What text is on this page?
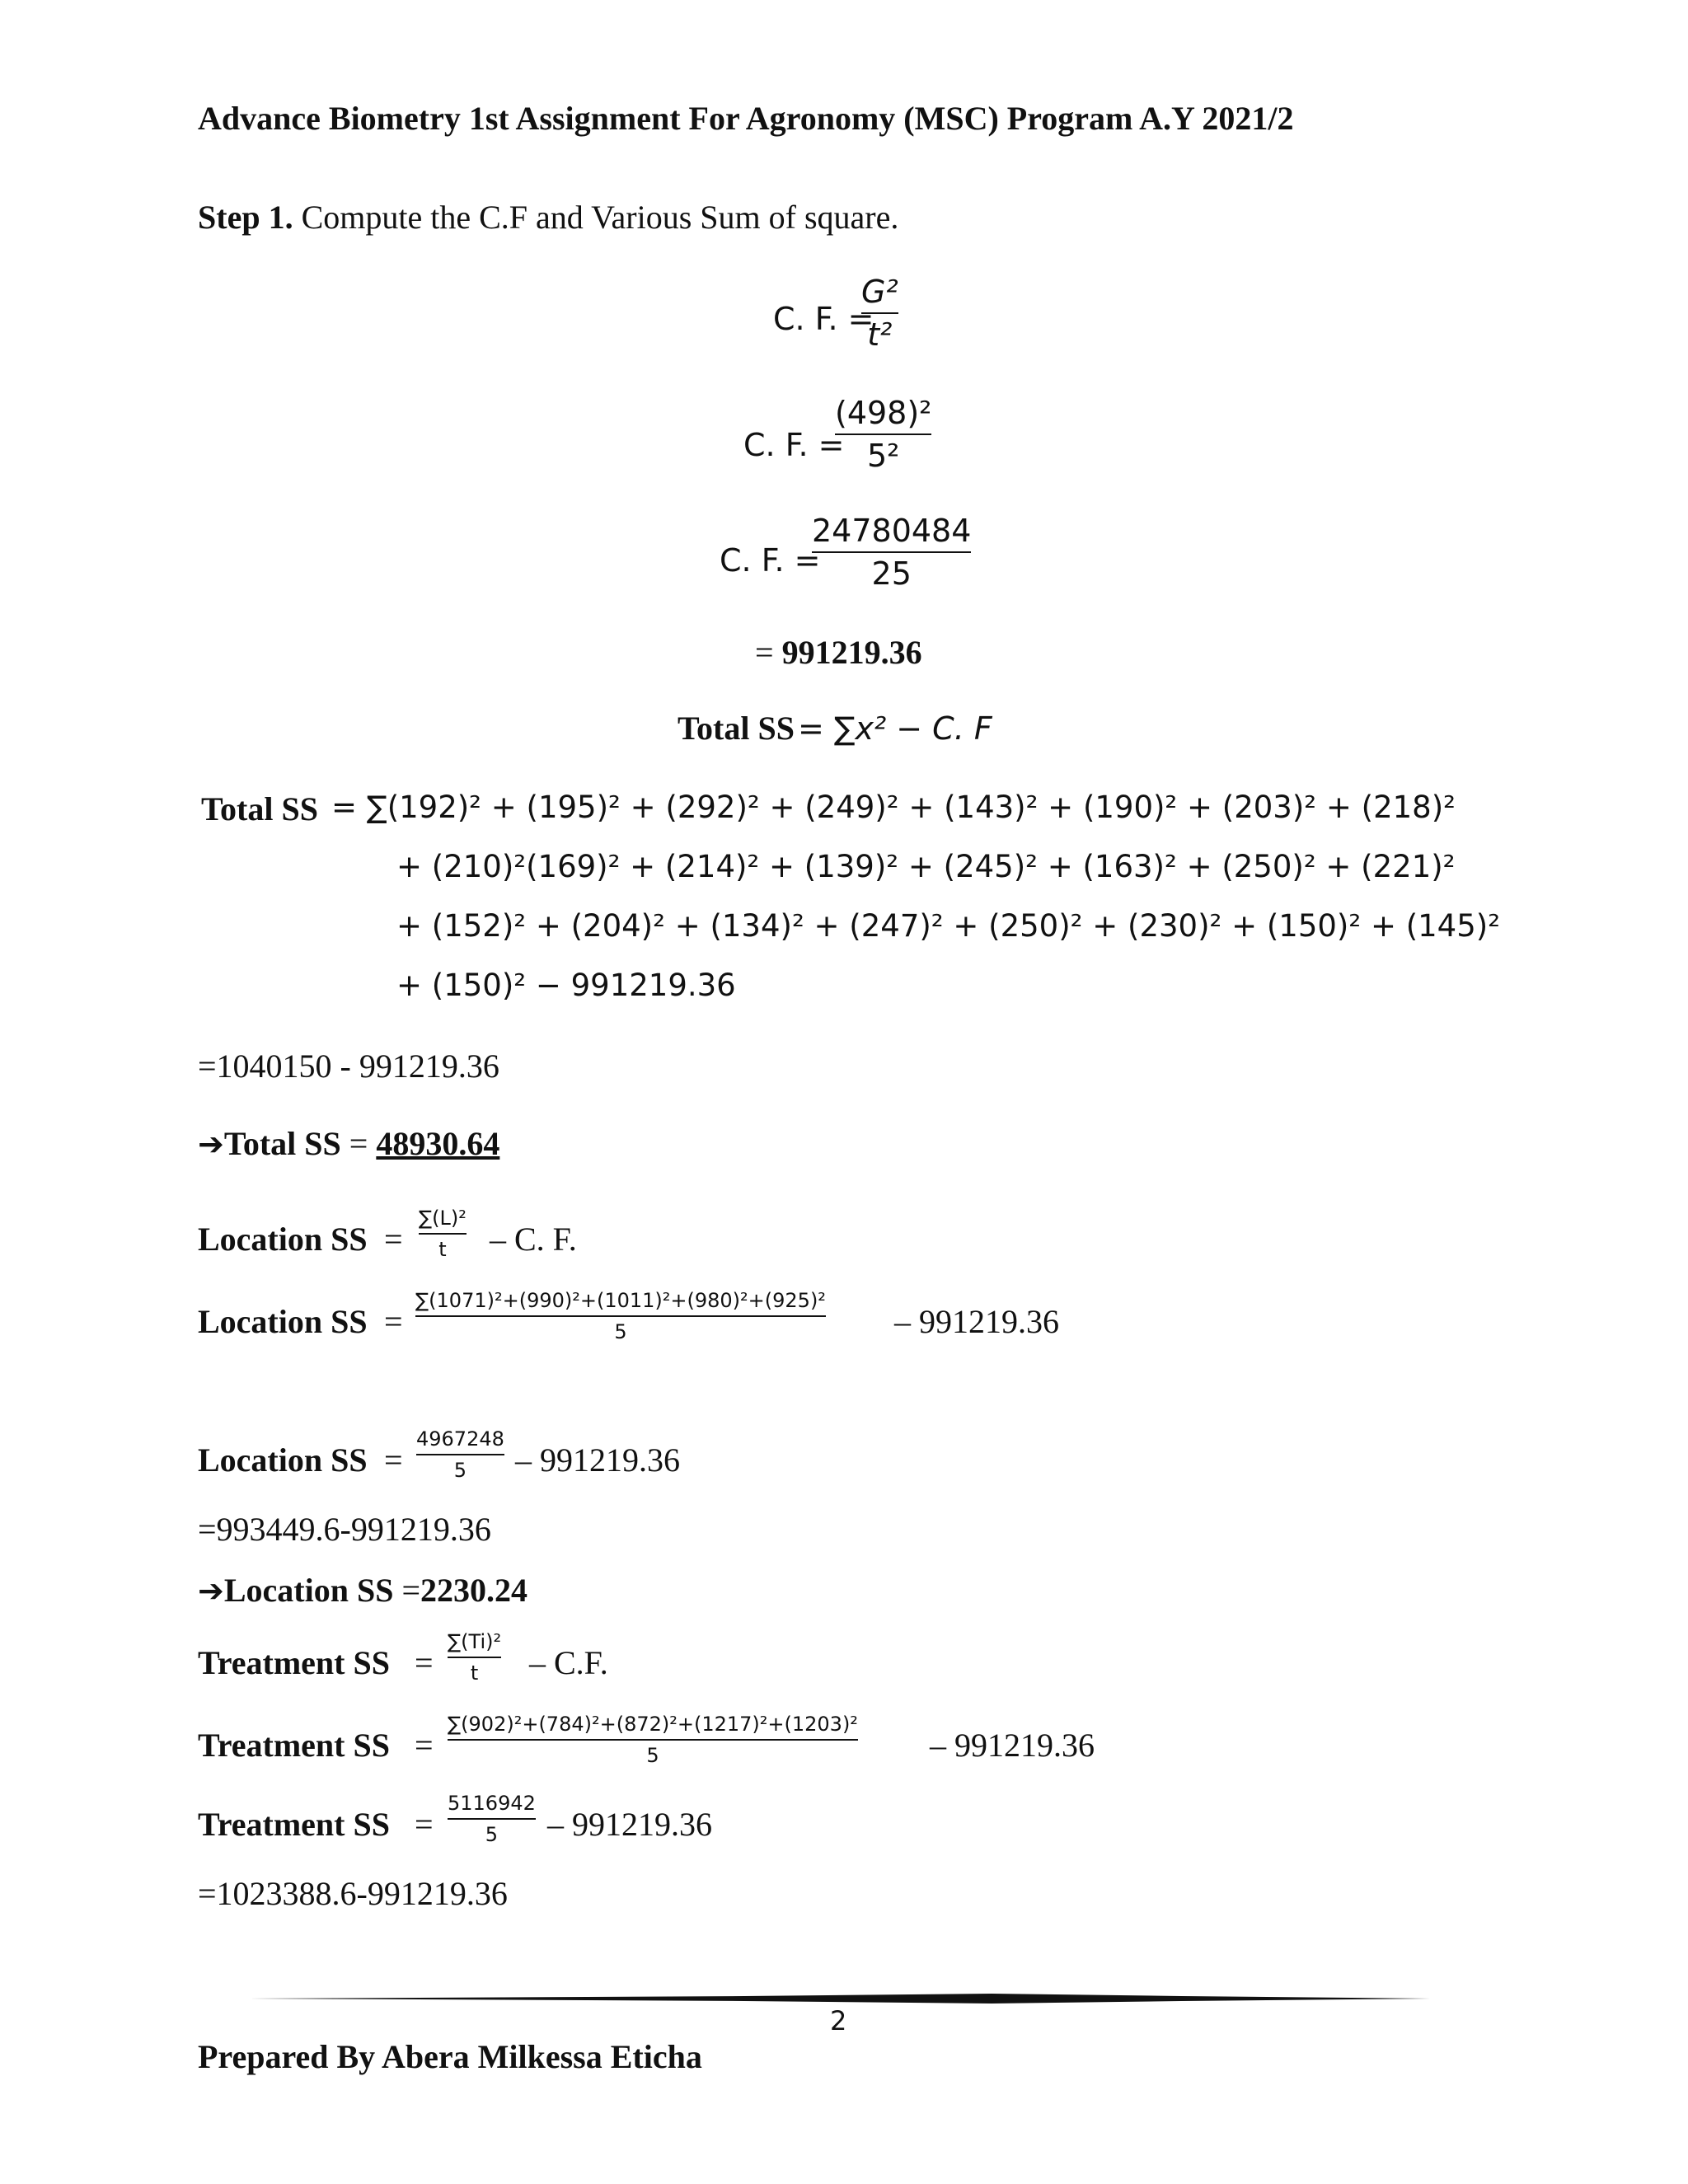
Advance Biometry 1st Assignment For Agronomy (MSC) Program A.Y 2021/2
Step 1. Compute the C.F and Various Sum of square.
C. F. =
G²
t²
C. F. =
(498)²
5²
C. F. =
24780484
25
= 991219.36
Total SS = ∑x² − C. F
Total SS = ∑(192)² + (195)² + (292)² + (249)² + (143)² + (190)² + (203)² + (218)²
+ (210)²(169)² + (214)² + (139)² + (245)² + (163)² + (250)² + (221)²
+ (152)² + (204)² + (134)² + (247)² + (250)² + (230)² + (150)² + (145)²
+ (150)² − 991219.36
=1040150 - 991219.36
➔Total SS = 48930.64
Location SS =
∑(L)²
t – C. F.
Location SS =
∑(1071)²+(990)²+(1011)²+(980)²+(925)²
5	– 991219.36
Location SS =
4967248
5 – 991219.36
=993449.6-991219.36
➔Location SS =2230.24
Treatment SS =
∑(Ti)²
t – C.F.
Treatment SS =
∑(902)²+(784)²+(872)²+(1217)²+(1203)²
5	– 991219.36
Treatment SS =
5116942
5 – 991219.36
=1023388.6-991219.36
2
Prepared By Abera Milkessa Eticha
